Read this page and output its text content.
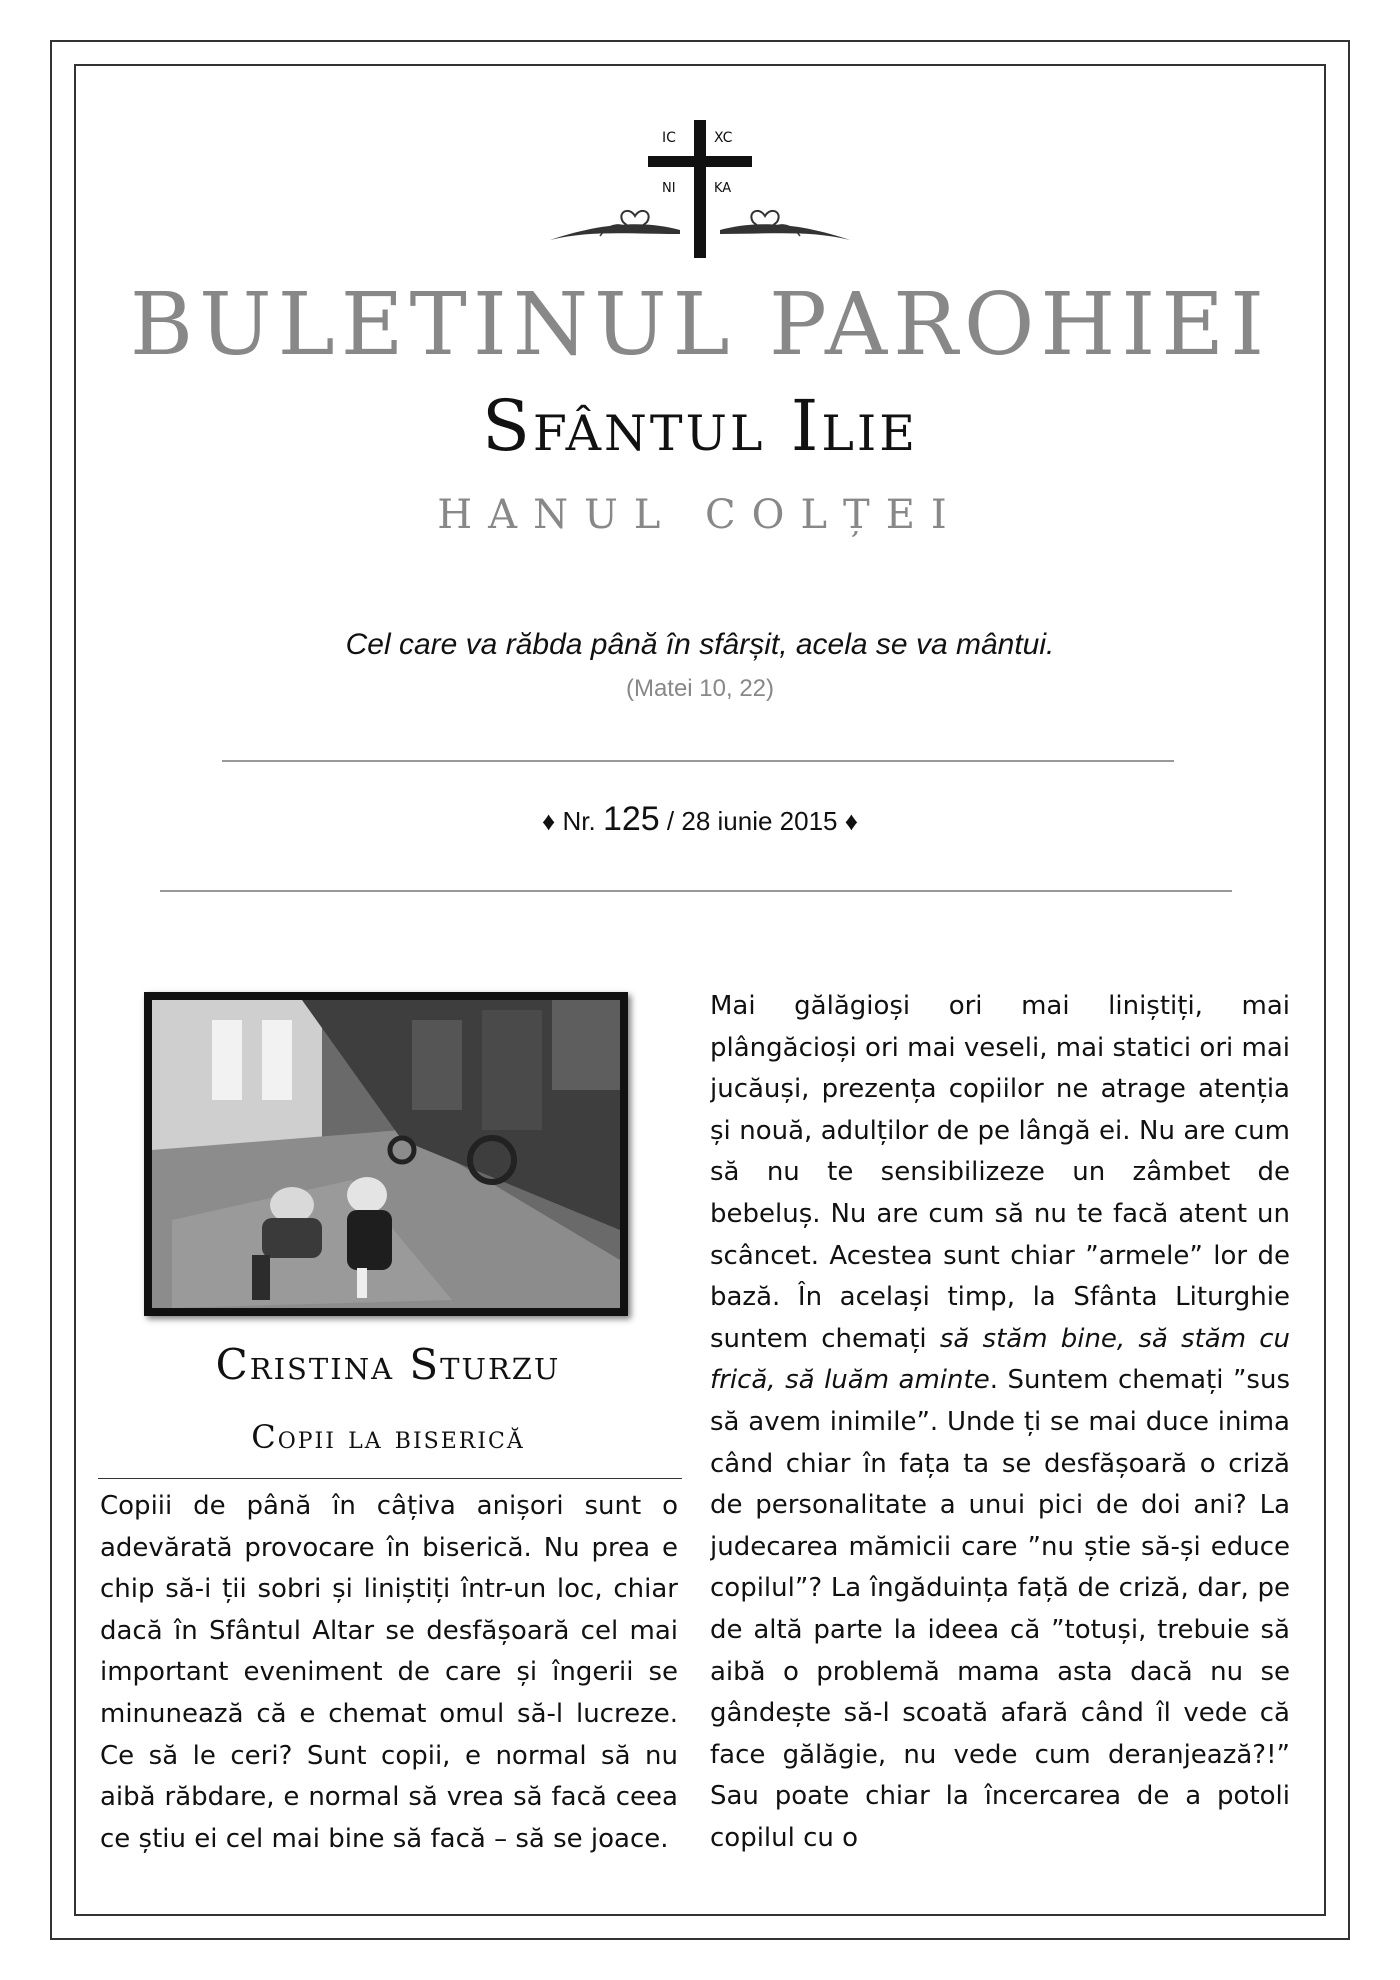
IC	XC
NI	KA
BULETINUL PAROHIEI
Sfântul Ilie
HANUL COLȚEI
Cel care va răbda până în sfârșit, acela se va mântui.
(Matei 10, 22)
♦ Nr. 125 / 28 iunie 2015 ♦
Cristina Sturzu
Copii la biserică

Copiii de până în câțiva anișori sunt o adevărată provocare în biserică. Nu prea e chip să-i ții sobri și liniștiți într-un loc, chiar dacă în Sfântul Altar se desfășoară cel mai important eveniment de care și îngerii se minunează că e chemat omul să-l lucreze. Ce să le ceri? Sunt copii, e normal să nu aibă răbdare, e normal să vrea să facă ceea ce știu ei cel mai bine să facă – să se joace.

Mai gălăgioși ori mai liniștiți, mai plângăcioși ori mai veseli, mai statici ori mai jucăuși, prezența copiilor ne atrage atenția și nouă, adulților de pe lângă ei. Nu are cum să nu te sensibilizeze un zâmbet de bebeluș. Nu are cum să nu te facă atent un scâncet. Acestea sunt chiar ”armele” lor de bază. În același timp, la Sfânta Liturghie suntem chemați să stăm bine, să stăm cu frică, să luăm aminte. Suntem chemați ”sus să avem inimile”. Unde ți se mai duce inima când chiar în fața ta se desfășoară o criză de personalitate a unui pici de doi ani? La judecarea mămicii care ”nu știe să-și educe copilul”? La îngăduința față de criză, dar, pe de altă parte la ideea că ”totuși, trebuie să aibă o problemă mama asta dacă nu se gândește să-l scoată afară când îl vede că face gălăgie, nu vede cum deranjează?!” Sau poate chiar la încercarea de a potoli copilul cu o
